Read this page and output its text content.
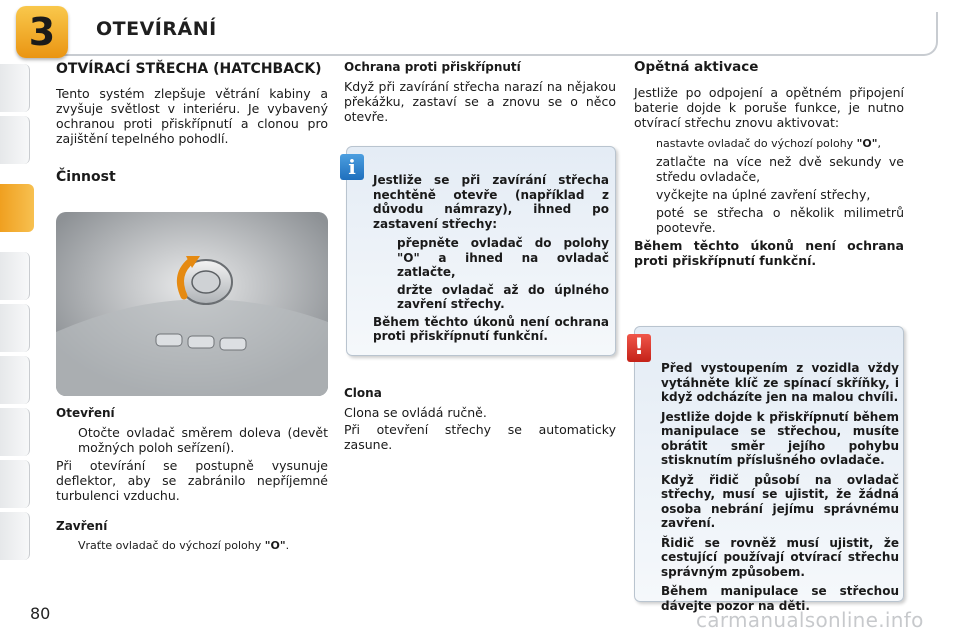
3 OTEVÍRÁNÍ
OTVÍRACÍ STŘECHA (HATCHBACK)

Tento systém zlepšuje větrání kabiny a zvyšuje světlost v interiéru. Je vybavený ochranou proti přiskřípnutí a clonou pro zajištění tepelného pohodlí.

Činnost
Otevření
Otočte ovladač směrem doleva (devět možných poloh seřízení).

Při otevírání se postupně vysunuje deflektor, aby se zabránilo nepříjemné turbulenci vzduchu.

Zavření
Vraťte ovladač do výchozí polohy "O".
Ochrana proti přiskřípnutí

Když při zavírání střecha narazí na nějakou překážku, zastaví se a znovu se o něco otevře.

Jestliže se při zavírání střecha nechtěně otevře (například z důvodu námrazy), ihned po zastavení střechy:

přepněte ovladač do polohy "O" a ihned na ovladač zatlačte,
držte ovladač až do úplného zavření střechy.

Během těchto úkonů není ochrana proti přiskřípnutí funkční.

i
Clona

Clona se ovládá ručně.

Při otevření střechy se automaticky zasune.

Opětná aktivace

Jestliže po odpojení a opětném připojení baterie dojde k poruše funkce, je nutno otvírací střechu znovu aktivovat:

nastavte ovladač do výchozí polohy "O",
zatlačte na více než dvě sekundy ve středu ovladače,
vyčkejte na úplné zavření střechy,
poté se střecha o několik milimetrů pootevře.

Během těchto úkonů není ochrana proti přiskřípnutí funkční.

Před vystoupením z vozidla vždy vytáhněte klíč ze spínací skříňky, i když odcházíte jen na malou chvíli.

Jestliže dojde k přiskřípnutí během manipulace se střechou, musíte obrátit směr jejího pohybu stisknutím příslušného ovladače.

Když řidič působí na ovladač střechy, musí se ujistit, že žádná osoba nebrání jejímu správnému zavření.

Řidič se rovněž musí ujistit, že cestující používají otvírací střechu správným způsobem.

Během manipulace se střechou dávejte pozor na děti.

!
80	carmanualsonline.info
